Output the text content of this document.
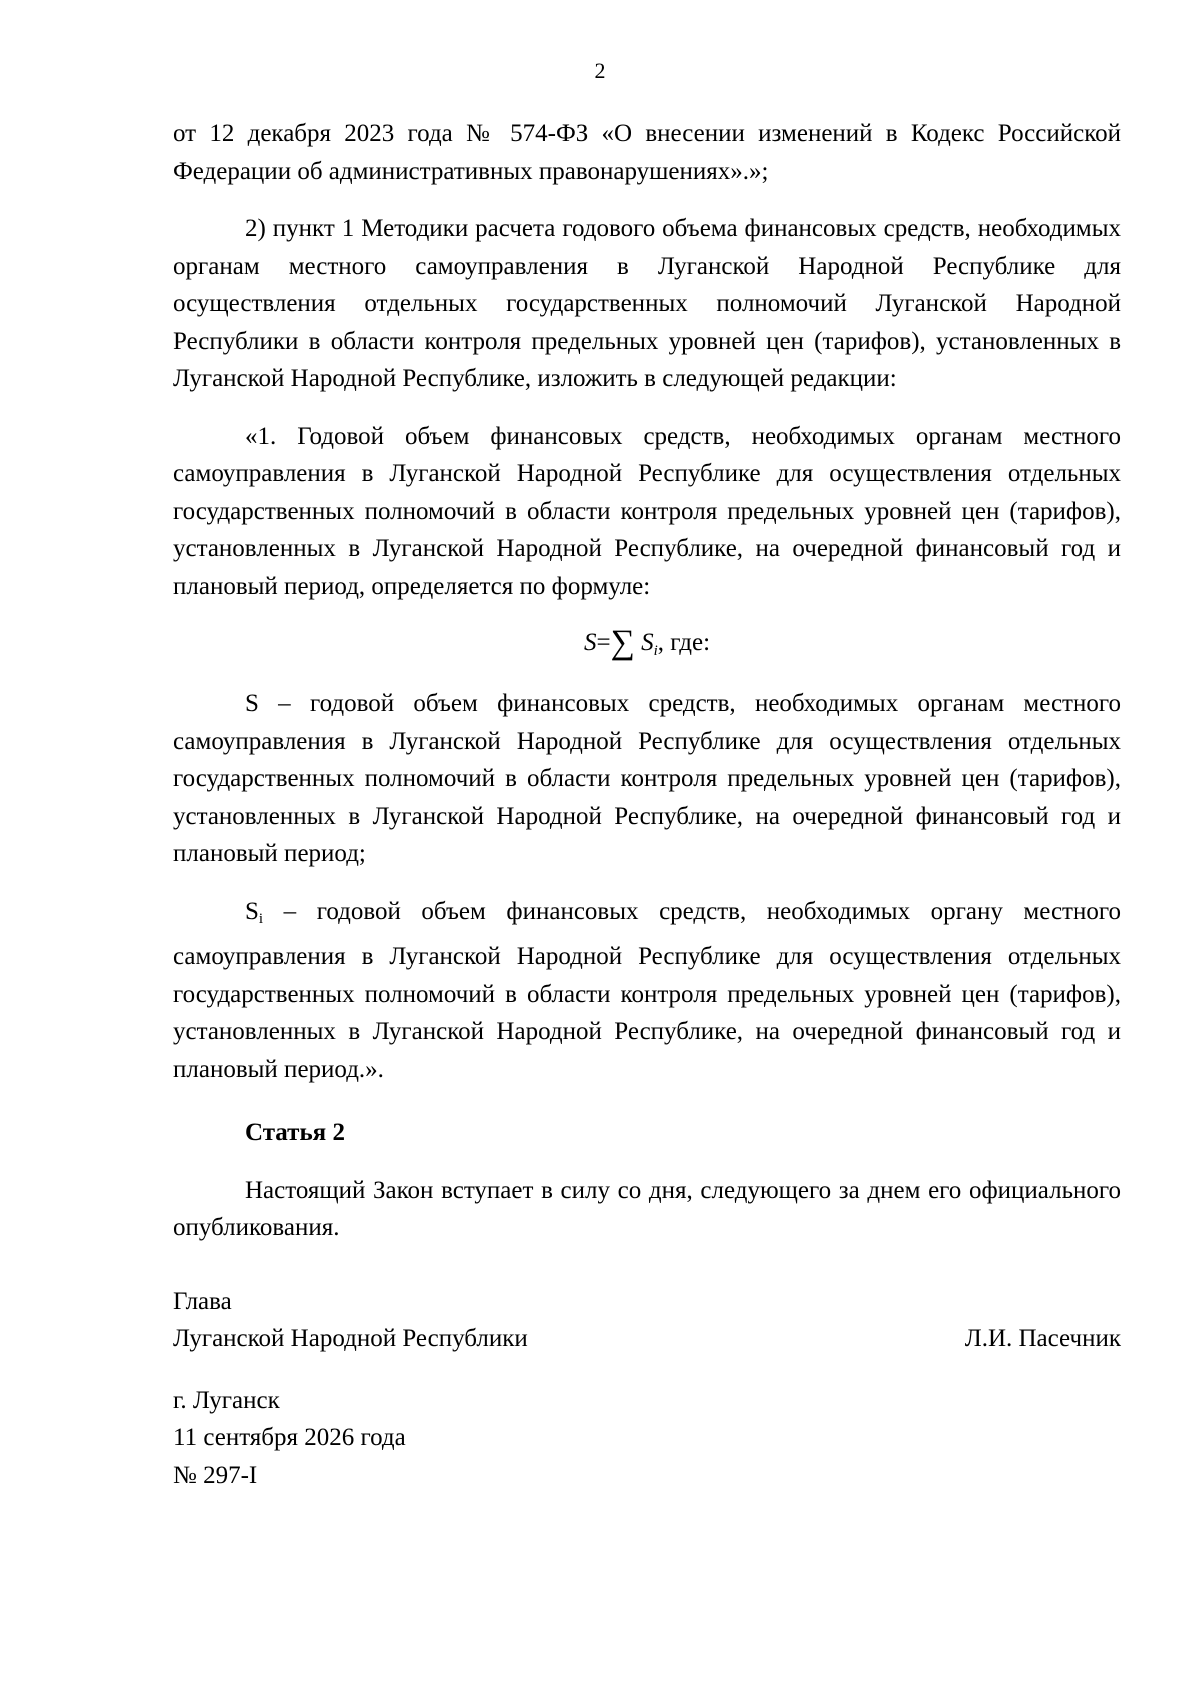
2

от 12 декабря 2023 года № 574-ФЗ «О внесении изменений в Кодекс Российской Федерации об административных правонарушениях».»;

2) пункт 1 Методики расчета годового объема финансовых средств, необходимых органам местного самоуправления в Луганской Народной Республике для осуществления отдельных государственных полномочий Луганской Народной Республики в области контроля предельных уровней цен (тарифов), установленных в Луганской Народной Республике, изложить в следующей редакции:

«1. Годовой объем финансовых средств, необходимых органам местного самоуправления в Луганской Народной Республике для осуществления отдельных государственных полномочий в области контроля предельных уровней цен (тарифов), установленных в Луганской Народной Республике, на очередной финансовый год и плановый период, определяется по формуле:

S=∑ $S_i$, где:

S – годовой объем финансовых средств, необходимых органам местного самоуправления в Луганской Народной Республике для осуществления отдельных государственных полномочий в области контроля предельных уровней цен (тарифов), установленных в Луганской Народной Республике, на очередной финансовый год и плановый период;

Si – годовой объем финансовых средств, необходимых органу местного самоуправления в Луганской Народной Республике для осуществления отдельных государственных полномочий в области контроля предельных уровней цен (тарифов), установленных в Луганской Народной Республике, на очередной финансовый год и плановый период.».

Статья 2

Настоящий Закон вступает в силу со дня, следующего за днем его официального опубликования.

Глава
Луганской Народной Республики	Л.И. Пасечник
г. Луганск
11 сентября 2026 года
№ 297-I
